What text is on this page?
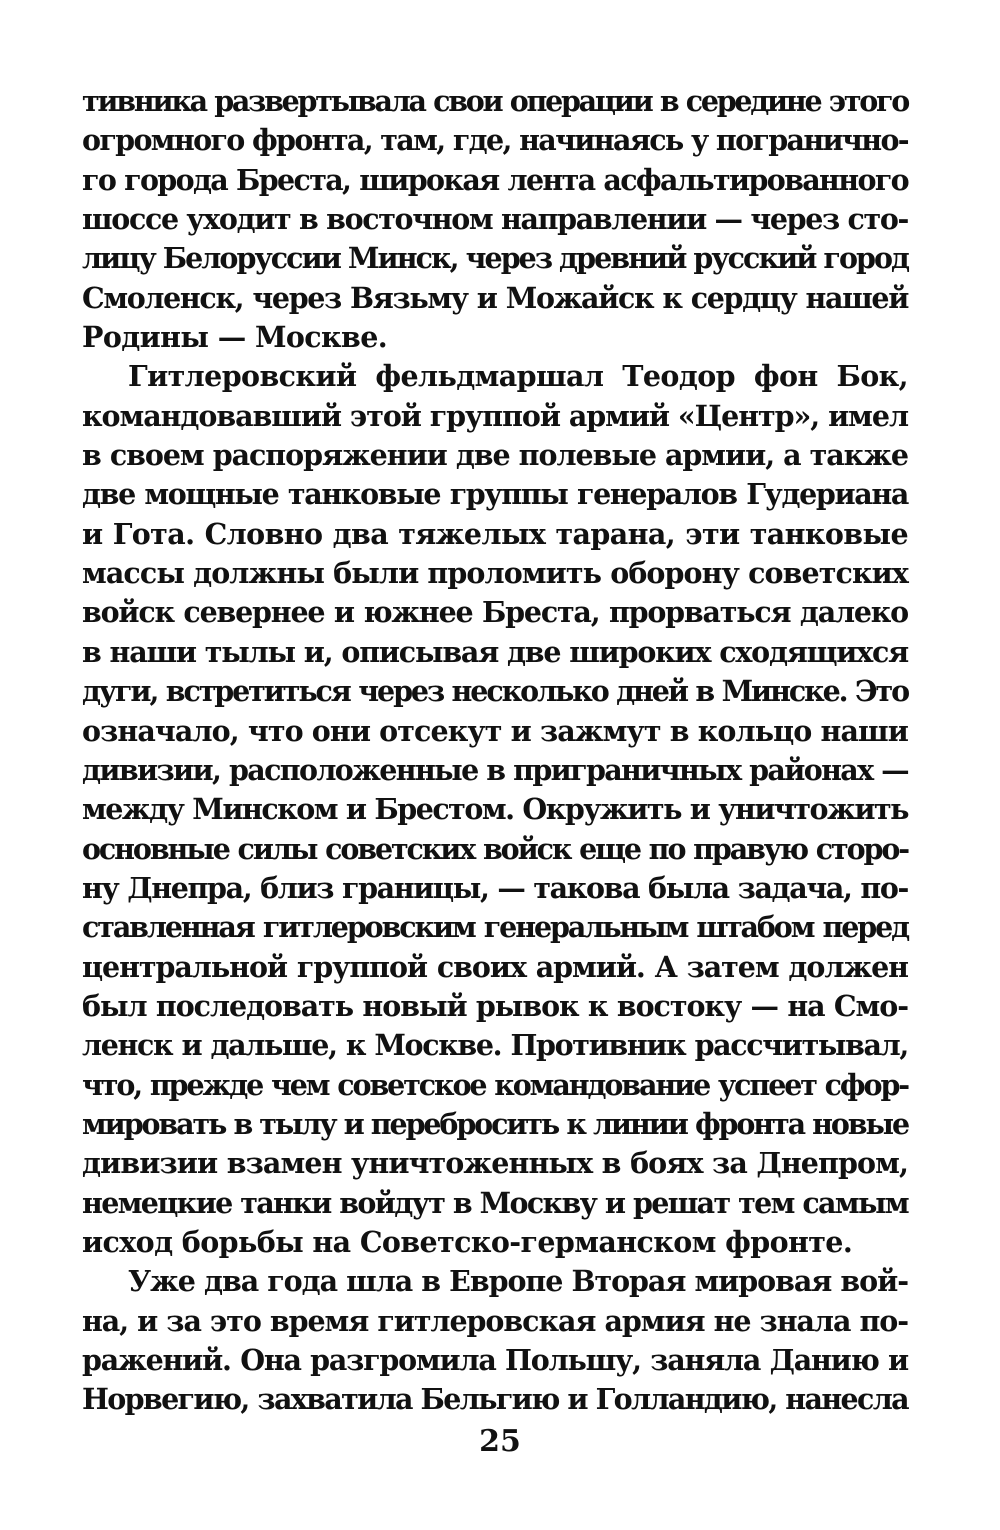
тивника развертывала свои операции в середине этого
огромного фронта, там, где, начинаясь у погранично-
го города Бреста, широкая лента асфальтированного
шоссе уходит в восточном направлении — через сто-
лицу Белоруссии Минск, через древний русский город
Смоленск, через Вязьму и Можайск к сердцу нашей
Родины — Москве.
Гитлеровский фельдмаршал Теодор фон Бок,
командовавший этой группой армий «Центр», имел
в своем распоряжении две полевые армии, а также
две мощные танковые группы генералов Гудериана
и Гота. Словно два тяжелых тарана, эти танковые
массы должны были проломить оборону советских
войск севернее и южнее Бреста, прорваться далеко
в наши тылы и, описывая две широких сходящихся
дуги, встретиться через несколько дней в Минске. Это
означало, что они отсекут и зажмут в кольцо наши
дивизии, расположенные в приграничных районах —
между Минском и Брестом. Окружить и уничтожить
основные силы советских войск еще по правую сторо-
ну Днепра, близ границы, — такова была задача, по-
ставленная гитлеровским генеральным штабом перед
центральной группой своих армий. А затем должен
был последовать новый рывок к востоку — на Смо-
ленск и дальше, к Москве. Противник рассчитывал,
что, прежде чем советское командование успеет сфор-
мировать в тылу и перебросить к линии фронта новые
дивизии взамен уничтоженных в боях за Днепром,
немецкие танки войдут в Москву и решат тем самым
исход борьбы на Советско-германском фронте.
Уже два года шла в Европе Вторая мировая вой-
на, и за это время гитлеровская армия не знала по-
ражений. Она разгромила Польшу, заняла Данию и
Норвегию, захватила Бельгию и Голландию, нанесла
25
